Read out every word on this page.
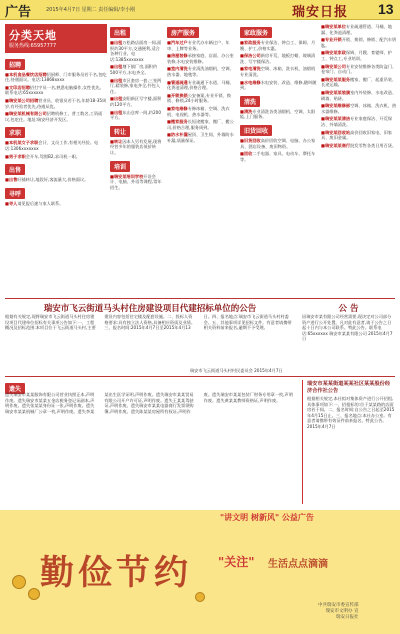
广告	2015年4月7日 星期二 责任编辑/李小刚	瑞安日报 13
分类天地
服务热线:65957777
招聘

■本机食品餐饮店招聘招厨师、门市服务员若干名,包吃住,待遇面议。电话:13868xxxx
■文印店招聘招打字员一名,熟悉电脑操作,女性优先。联系电话:65xxxxxx
■瑞安某公司招聘营业员、收银员若干名,年龄18-35周岁,有经验者优先,待遇从优。
■瑞安某机械有限公司招聘机修工、普工数名,工资面议,包吃住。地址:瑞安经济开发区。
求职

■本机某女子求职会计、文员工作,有相关经验。电话:1306xxxxxxx
■男子求职会开车,驾照B2,求司机一职。
出售

■出售旺铺转让,地段好,客流量大,价格面议。
寻呼

■寻人请见报后速与家人联系。
出租

■出租万松路店面房一间,面积约30平方,交通便利,适合各种行业。电话:1385xxxxxxx
■出租塘下镇厂房,面积约500平方,水电齐全。
■出租市区套房一套,三室两厅,精装修,家电齐全,拎包入住。
■出租安阳新区写字楼,面积约120平方。
■出租东山仓库一间,约200平方。
转让

■转让因本人另有发展,现将经营多年的服装店低价转让。
培训

■瑞安某培训学校开设会计、电脑、外语等课程,常年招生。
房产服务

■汽车过户专业代办车辆过户、年审、上牌等业务。
■房屋装修承接家庭、店面、办公室装修,水电安装维修。
■室内清洗专业清洗油烟机、空调、热水器、地毯等。
■管道疏通专业疏通下水道、马桶、化粪池清理,价格合理。
■开锁换锁公安备案,专业开锁、换锁、修锁,24小时服务。
■家电维修专修冰箱、空调、洗衣机、电视机、热水器等。
■搬家服务长短途搬家、搬厂、搬公司,价格合理,服务周到。
■防水补漏屋顶、卫生间、外墙防水补漏,质量保证。
家政服务

■家政服务专业保洁、钟点工、保姆、月嫂、护工,价格实惠。
■保洁公司新房开荒、地板打蜡、玻璃清洗、写字楼保洁。
■家电清洗空调、冰箱、洗衣机、油烟机专业清洗。
■水电维修水电安装、改造、维修,随叫随到。
清洗

■清洗专业清洗各类油烟机、空调、太阳能,上门服务。
旧货回收

■旧货回收高价回收空调、电脑、办公家具、酒店设备、废旧物资。
■回收二手电器、家具、电动车、摩托车等。
■瑞安某单位专业疏通管道、马桶、地漏、化粪池清理。
■专业开锁开锁、换锁、修锁、配汽车钥匙。
■瑞安某家政保姆、月嫂、育婴师、护工、钟点工,专业培训。
■瑞安某公司专业安装维修各类防盗门、卷帘门、自动门。
■瑞安某某服务搬家、搬厂、起重吊装、长途运输。
■瑞安某某装潢室内外装修、水电改造、刷墙、贴砖。
■瑞安某维修部空调、冰箱、洗衣机、热水器维修。
■瑞安某某清洁专业家庭保洁、开荒保洁、外墙清洗。
■瑞安某回收站高价回收旧家电、旧家具、废旧金属。
■瑞安某某商行批发零售各类日用百货。
瑞安市飞云街道马头村住房建设项目代建招标单位的公告
根据有关规定,现将瑞安市飞云街道马头村住房建设项目代建单位招标有关事项公告如下:一、工程概况及招标范围:本项目位于飞云街道马头村,主要建设内容包括住宅楼及配套设施。二、投标人资格要求:具有独立法人资格,具备相应资质及业绩。三、报名时间:2015年4月7日至2015年4月13日。四、报名地点:瑞安市飞云街道马头村村委会。五、其他事项详见招标文件。有意者请携带相关资料前来报名,逾期不予受理。
瑞安市飞云街道马头村村民委员会 2015年4月7日
公 告
因瑞安市某有限公司经营需要,现决定对公司部分资产进行公开处置。凡对此有意者,请于公告之日起十日内与本公司联系。特此公告。联系电话:65xxxxxx 瑞安市某某有限公司 2015年4月7日
遗失
遗失瑞安市某某服饰有限公司营业执照正本,声明作废。遗失瑞安市某某五金店税务登记证副本,声明作废。遗失张某某身份证一张,声明作废。遗失瑞安市某某机械厂公章一枚,声明作废。遗失李某某出生医学证明,声明作废。遗失瑞安市某某贸易有限公司开户许可证,声明作废。遗失王某某驾驶证,声明作废。遗失瑞安市某某电器商行发票领购簿,声明作废。遗失陈某某房屋所有权证,声明作废。遗失瑞安市某某包装厂财务专用章一枚,声明作废。遗失黄某某教师资格证,声明作废。
瑞安市某某街道某某社区某某股份经济合作社公告
根据相关规定,本社拟对集体资产进行公开招租,具体事项如下:一、招租标的:位于某某路的店面房若干间。二、报名时间:自公告之日起至2015年4月15日止。三、报名地点:本社办公室。有意者请携带有效证件前来报名。特此公告。2015年4月7日
"讲文明 树新风" 公益广告
勤俭节约 "关注" 生活点点滴滴
中共瑞安市委宣传部
瑞安市文明办 宣
瑞安日报社
